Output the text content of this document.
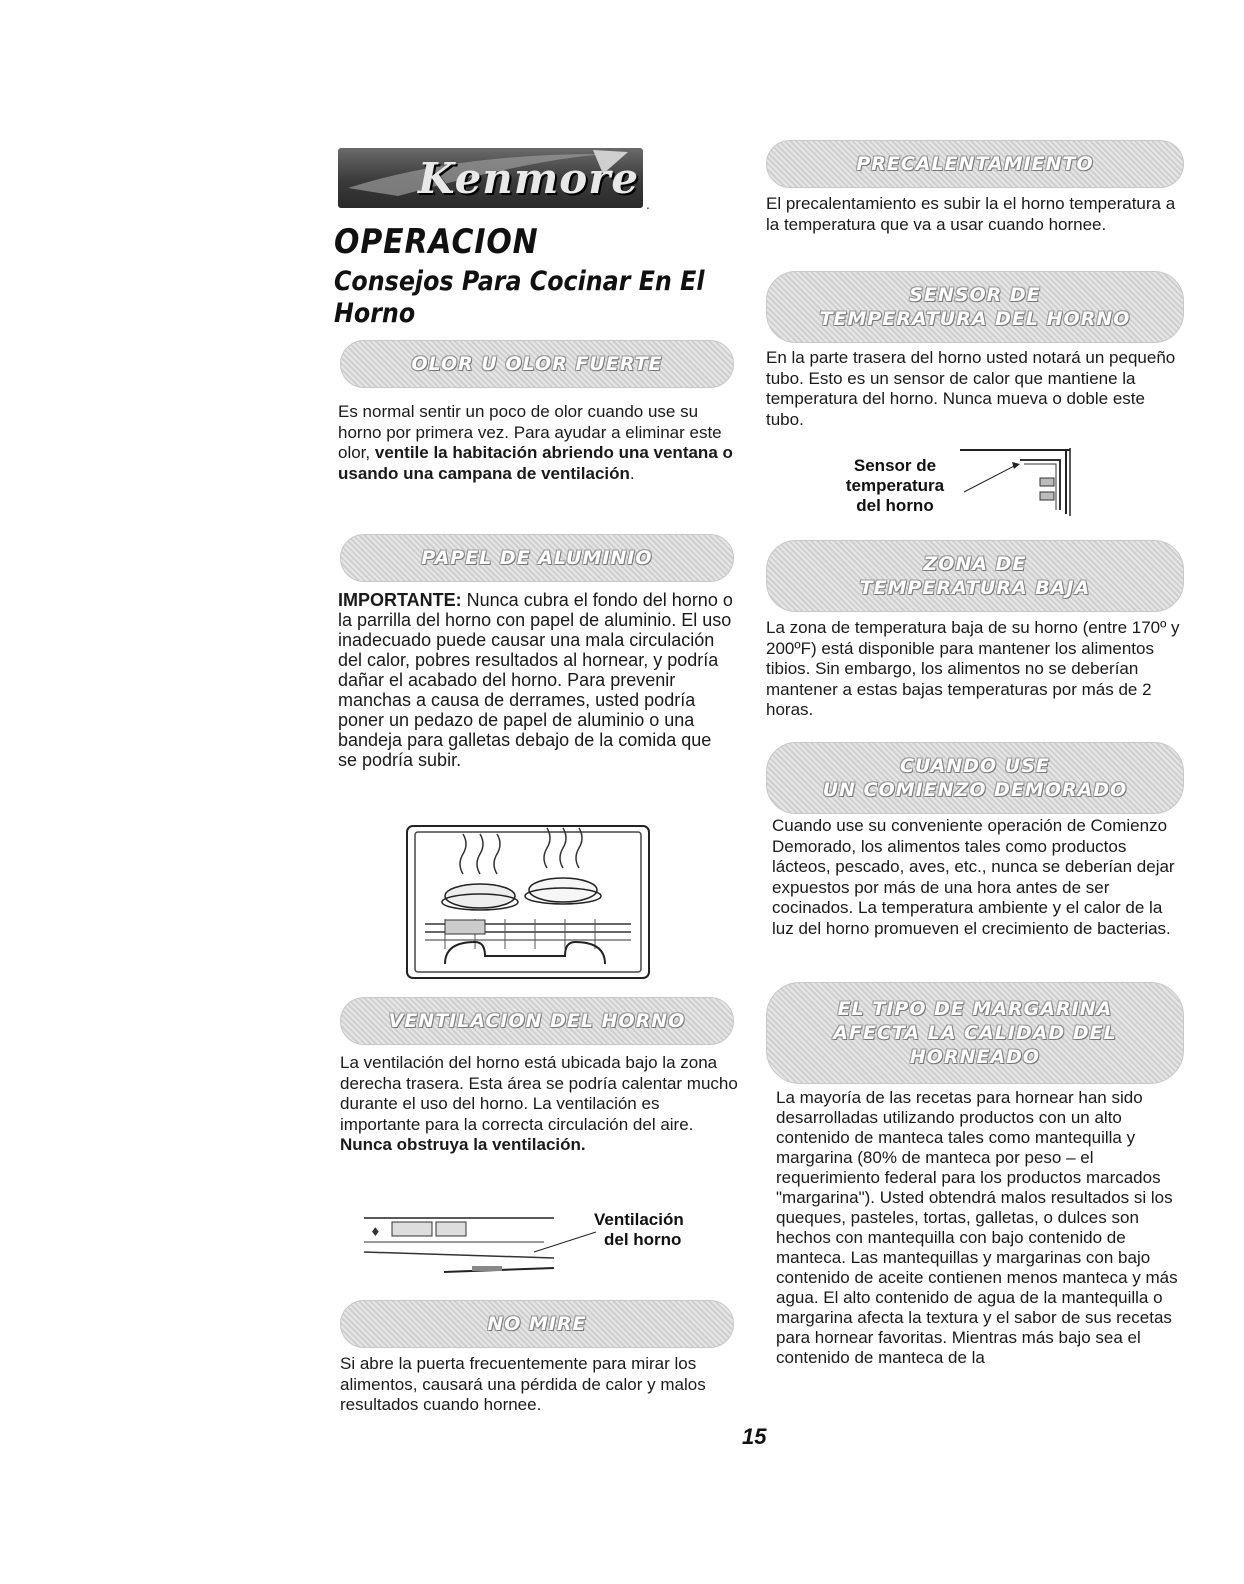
Kenmore
.
OPERACION
Consejos Para Cocinar En El Horno
OLOR U OLOR FUERTE
Es normal sentir un poco de olor cuando use su horno por primera vez. Para ayudar a eliminar este olor, ventile la habitación abriendo una ventana o usando una campana de ventilación.
PAPEL DE ALUMINIO
IMPORTANTE: Nunca cubra el fondo del horno o la parrilla del horno con papel de aluminio. El uso inadecuado puede causar una mala circulación del calor, pobres resultados al hornear, y podría dañar el acabado del horno. Para prevenir manchas a causa de derrames, usted podría poner un pedazo de papel de aluminio o una bandeja para galletas debajo de la comida que se podría subir.
VENTILACION DEL HORNO
La ventilación del horno está ubicada bajo la zona derecha trasera. Esta área se podría calentar mucho durante el uso del horno. La ventilación es importante para la correcta circulación del aire. Nunca obstruya la ventilación.
♦
Ventilación
del horno
NO MIRE
Si abre la puerta frecuentemente para mirar los alimentos, causará una pérdida de calor y malos resultados cuando hornee.
PRECALENTAMIENTO
El precalentamiento es subir la el horno temperatura a la temperatura que va a usar cuando hornee.
SENSOR DE
TEMPERATURA DEL HORNO
En la parte trasera del horno usted notará un pequeño tubo. Esto es un sensor de calor que mantiene la temperatura del horno. Nunca mueva o doble este tubo.
Sensor de
temperatura
del horno
ZONA DE
TEMPERATURA BAJA
La zona de temperatura baja de su horno (entre 170º y 200ºF) está disponible para mantener los alimentos tibios. Sin embargo, los alimentos no se deberían mantener a estas bajas temperaturas por más de 2 horas.
CUANDO USE
UN COMIENZO DEMORADO
Cuando use su conveniente operación de Comienzo Demorado, los alimentos tales como productos lácteos, pescado, aves, etc., nunca se deberían dejar expuestos por más de una hora antes de ser cocinados. La temperatura ambiente y el calor de la luz del horno promueven el crecimiento de bacterias.
EL TIPO DE MARGARINA
AFECTA LA CALIDAD DEL
HORNEADO
La mayoría de las recetas para hornear han sido desarrolladas utilizando productos con un alto contenido de manteca tales como mantequilla y margarina (80% de manteca por peso – el requerimiento federal para los productos marcados "margarina"). Usted obtendrá malos resultados si los queques, pasteles, tortas, galletas, o dulces son hechos con mantequilla con bajo contenido de manteca. Las mantequillas y margarinas con bajo contenido de aceite contienen menos manteca y más agua. El alto contenido de agua de la mantequilla o margarina afecta la textura y el sabor de sus recetas para hornear favoritas. Mientras más bajo sea el contenido de manteca de la
15
